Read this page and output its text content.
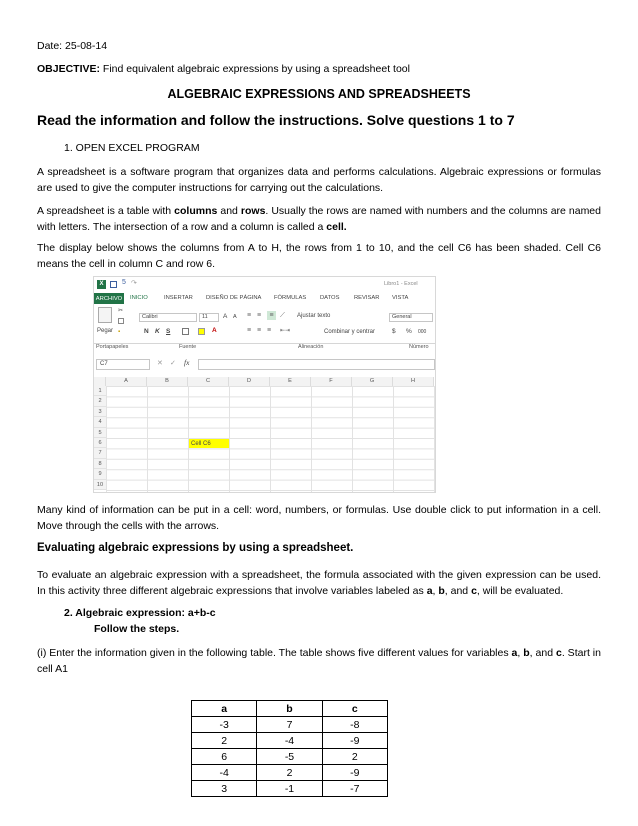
Date: 25-08-14
OBJECTIVE: Find equivalent algebraic expressions by using a spreadsheet tool
ALGEBRAIC EXPRESSIONS AND SPREADSHEETS
Read the information and follow the instructions. Solve questions 1 to 7
1. OPEN EXCEL PROGRAM
A spreadsheet is a software program that organizes data and performs calculations. Algebraic expressions or formulas are used to give the computer instructions for carrying out the calculations.
A spreadsheet is a table with columns and rows. Usually the rows are named with numbers and the columns are named with letters. The intersection of a row and a column is called a cell.
The display below shows the columns from A to H, the rows from 1 to 10, and the cell C6 has been shaded. Cell C6 means the cell in column C and row 6.
X	5 ↷	Libro1 - Excel
ARCHIVO	INICIO	INSERTAR DISEÑO DE PÁGINA FÓRMULAS DATOS	REVISAR VISTA
Pegar
✂
▪
Calibri	11	A A
N K S	A
≡ ≡	≡ ⟋ Ajustar texto
≡ ≡ ≡ ⇤⇥	Combinar y centrar
General
$ % 000
Portapapeles	Fuente	Alineación	Número
C7	✕ ✓ fx
A	B	C	D	E	F	G	H
1
2
3
4
5
6
7
8
9
10
Cell C6
Many kind of information can be put in a cell: word, numbers, or formulas. Use double click to put information in a cell. Move through the cells with the arrows.
Evaluating algebraic expressions by using a spreadsheet.
To evaluate an algebraic expression with a spreadsheet, the formula associated with the given expression can be used. In this activity three different algebraic expressions that involve variables labeled as a, b, and c, will be evaluated.
2. Algebraic expression: a+b-c
Follow the steps.
(i) Enter the information given in the following table. The table shows five different values for variables a, b, and c. Start in cell A1
a	b	c
-3	7	-8
2	-4	-9
6	-5	2
-4	2	-9
3	-1	-7
